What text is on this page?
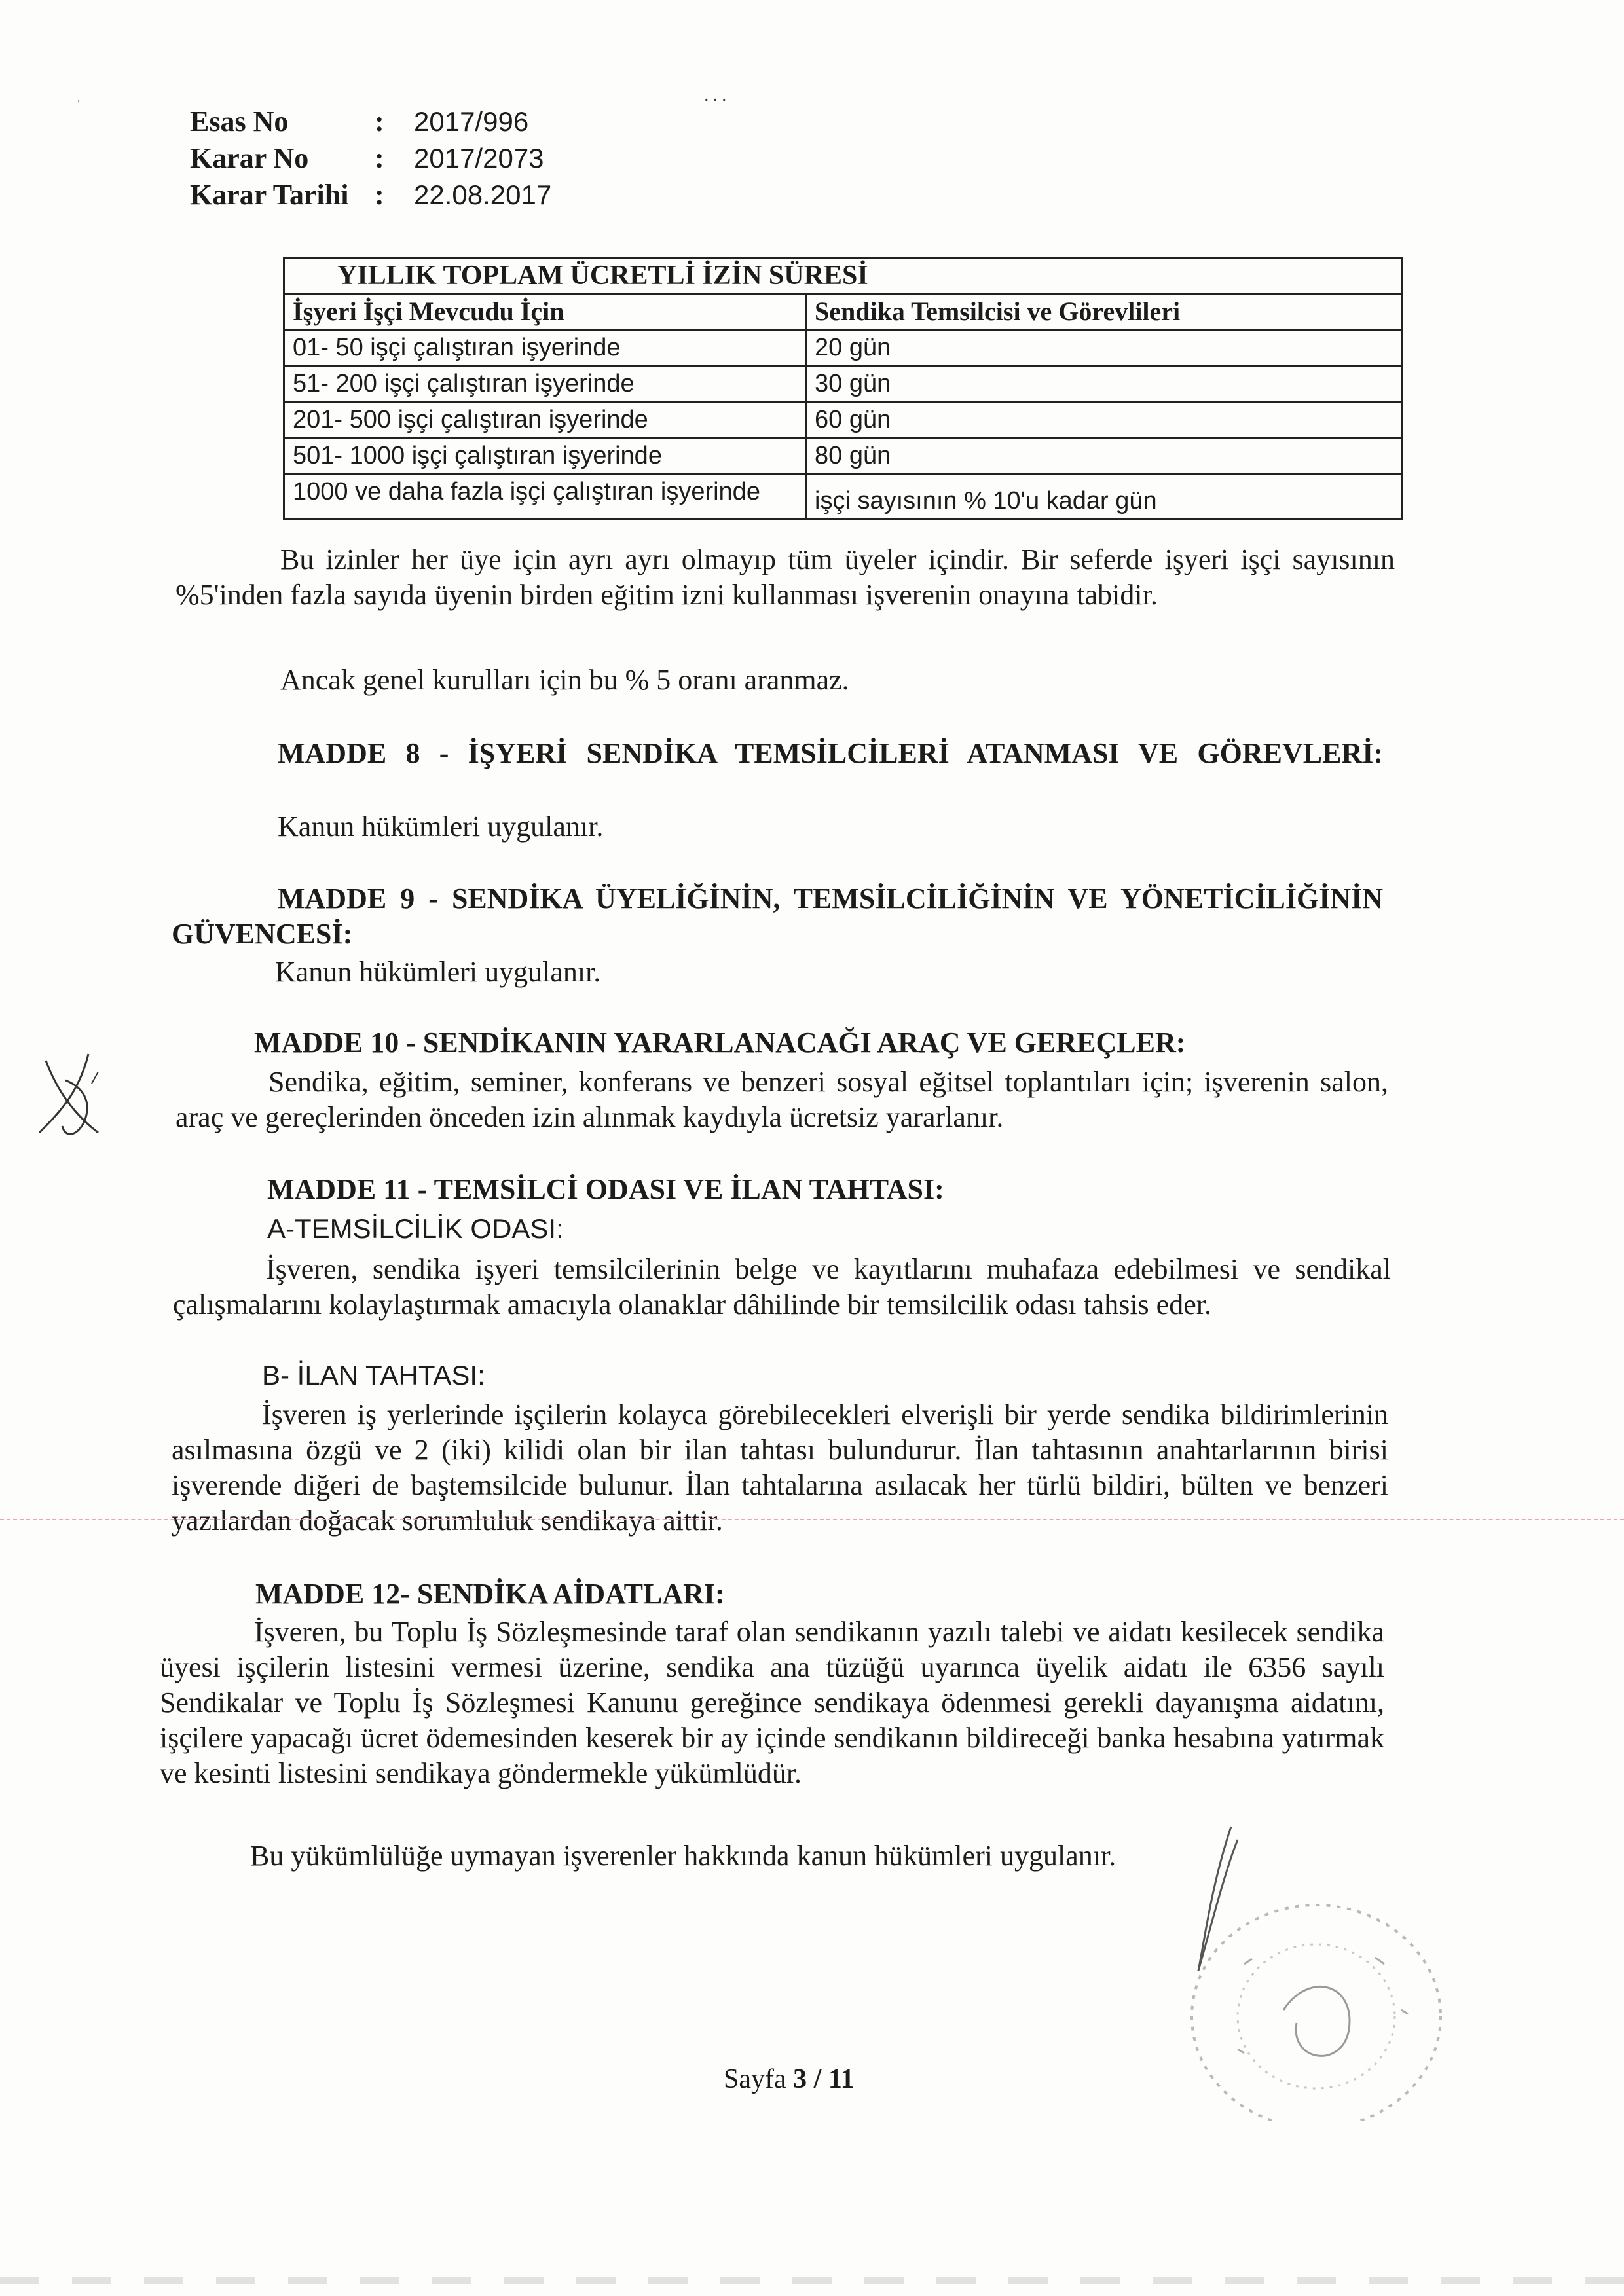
'	...
Esas No	:	2017/996
Karar No	:	2017/2073
Karar Tarihi :	22.08.2017
YILLIK TOPLAM ÜCRETLİ İZİN SÜRESİ	
İşyeri İşçi Mevcudu İçin	Sendika Temsilcisi ve Görevlileri
01- 50 işçi çalıştıran işyerinde	20 gün
51- 200 işçi çalıştıran işyerinde	30 gün
201- 500 işçi çalıştıran işyerinde	60 gün
501- 1000 işçi çalıştıran işyerinde	80 gün
1000 ve daha fazla işçi çalıştıran işyerinde	işçi sayısının % 10'u kadar gün
Bu izinler her üye için ayrı ayrı olmayıp tüm üyeler içindir. Bir seferde işyeri işçi sayısının %5'inden fazla sayıda üyenin birden eğitim izni kullanması işverenin onayına tabidir.
Ancak genel kurulları için bu % 5 oranı aranmaz.
MADDE 8 - İŞYERİ SENDİKA TEMSİLCİLERİ ATANMASI VE GÖREVLERİ:
Kanun hükümleri uygulanır.
MADDE 9 - SENDİKA ÜYELİĞİNİN, TEMSİLCİLİĞİNİN VE YÖNETİCİLİĞİNİN GÜVENCESİ:
Kanun hükümleri uygulanır.
MADDE 10 - SENDİKANIN YARARLANACAĞI ARAÇ VE GEREÇLER:
Sendika, eğitim, seminer, konferans ve benzeri sosyal eğitsel toplantıları için; işverenin salon, araç ve gereçlerinden önceden izin alınmak kaydıyla ücretsiz yararlanır.
MADDE 11 - TEMSİLCİ ODASI VE İLAN TAHTASI:
A-TEMSİLCİLİK ODASI:
İşveren, sendika işyeri temsilcilerinin belge ve kayıtlarını muhafaza edebilmesi ve sendikal çalışmalarını kolaylaştırmak amacıyla olanaklar dâhilinde bir temsilcilik odası tahsis eder.
B- İLAN TAHTASI:
İşveren iş yerlerinde işçilerin kolayca görebilecekleri elverişli bir yerde sendika bildirimlerinin asılmasına özgü ve 2 (iki) kilidi olan bir ilan tahtası bulundurur. İlan tahtasının anahtarlarının birisi işverende diğeri de baştemsilcide bulunur. İlan tahtalarına asılacak her türlü bildiri, bülten ve benzeri yazılardan doğacak sorumluluk sendikaya aittir.
MADDE 12- SENDİKA AİDATLARI:
İşveren, bu Toplu İş Sözleşmesinde taraf olan sendikanın yazılı talebi ve aidatı kesilecek sendika üyesi işçilerin listesini vermesi üzerine, sendika ana tüzüğü uyarınca üyelik aidatı ile 6356 sayılı Sendikalar ve Toplu İş Sözleşmesi Kanunu gereğince sendikaya ödenmesi gerekli dayanışma aidatını, işçilere yapacağı ücret ödemesinden keserek bir ay içinde sendikanın bildireceği banka hesabına yatırmak ve kesinti listesini sendikaya göndermekle yükümlüdür.
Bu yükümlülüğe uymayan işverenler hakkında kanun hükümleri uygulanır.
Sayfa 3 / 11
